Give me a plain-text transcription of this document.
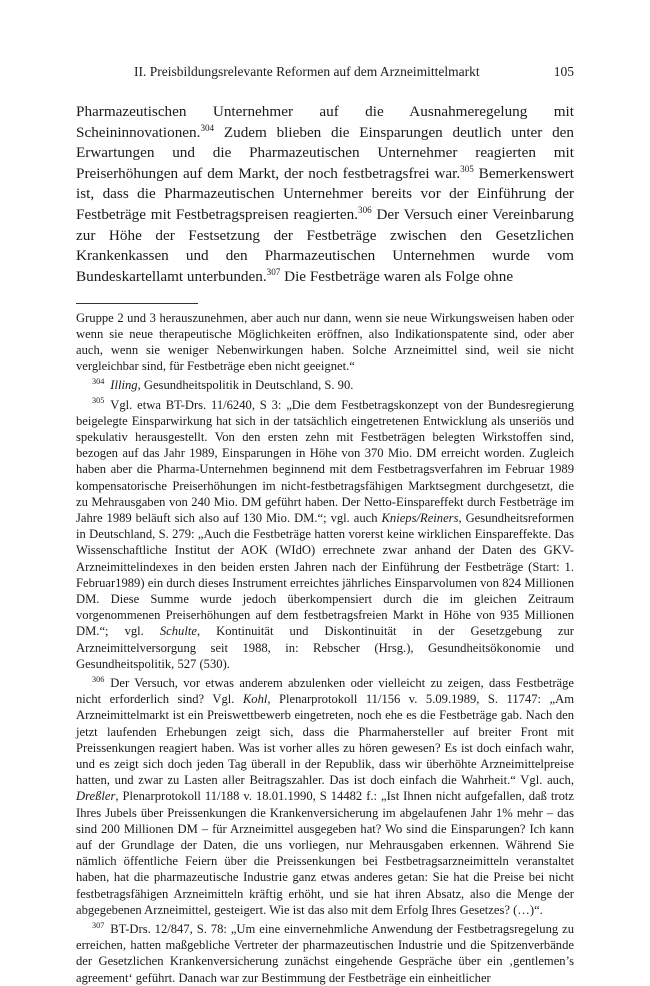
II. Preisbildungsrelevante Reformen auf dem Arzneimittelmarkt	105

Pharmazeutischen Unternehmer auf die Ausnahmeregelung mit Scheininnovationen.$^{304}$ Zudem blieben die Einsparungen deutlich unter den Erwartungen und die Pharmazeutischen Unternehmer reagierten mit Preiserhöhungen auf dem Markt, der noch festbetragsfrei war.$^{305}$ Bemerkenswert ist, dass die Pharmazeutischen Unternehmer bereits vor der Einführung der Festbeträge mit Festbetragspreisen reagierten.$^{306}$ Der Versuch einer Vereinbarung zur Höhe der Festsetzung der Festbeträge zwischen den Gesetzlichen Krankenkassen und den Pharmazeutischen Unternehmen wurde vom Bundeskartellamt unterbunden.$^{307}$ Die Festbeträge waren als Folge ohne

Gruppe 2 und 3 herauszunehmen, aber auch nur dann, wenn sie neue Wirkungsweisen haben oder wenn sie neue therapeutische Möglichkeiten eröffnen, also Indikationspatente sind, oder aber auch, wenn sie weniger Nebenwirkungen haben. Solche Arzneimittel sind, weil sie nicht vergleichbar sind, für Festbeträge eben nicht geeignet.“

$^{304}$ Illing, Gesundheitspolitik in Deutschland, S. 90.

$^{305}$ Vgl. etwa BT-Drs. 11/6240, S 3: „Die dem Festbetragskonzept von der Bundesregierung beigelegte Einsparwirkung hat sich in der tatsächlich eingetretenen Entwicklung als unseriös und spekulativ herausgestellt. Von den ersten zehn mit Festbeträgen belegten Wirkstoffen sind, bezogen auf das Jahr 1989, Einsparungen in Höhe von 370 Mio. DM erreicht worden. Zugleich haben aber die Pharma-Unternehmen beginnend mit dem Festbetragsverfahren im Februar 1989 kompensatorische Preiserhöhungen im nicht-festbetragsfähigen Marktsegment durchgesetzt, die zu Mehrausgaben von 240 Mio. DM geführt haben. Der Netto-Einspareffekt durch Festbeträge im Jahre 1989 beläuft sich also auf 130 Mio. DM.“; vgl. auch Knieps/Reiners, Gesundheitsreformen in Deutschland, S. 279: „Auch die Festbeträge hatten vorerst keine wirklichen Einspareffekte. Das Wissenschaftliche Institut der AOK (WIdO) errechnete zwar anhand der Daten des GKV-Arzneimittelindexes in den beiden ersten Jahren nach der Einführung der Festbeträge (Start: 1. Februar1989) ein durch dieses Instrument erreichtes jährliches Einsparvolumen von 824 Millionen DM. Diese Summe wurde jedoch überkompensiert durch die im gleichen Zeitraum vorgenommenen Preiserhöhungen auf dem festbetragsfreien Markt in Höhe von 935 Millionen DM.“; vgl. Schulte, Kontinuität und Diskontinuität in der Gesetzgebung zur Arzneimittelversorgung seit 1988, in: Rebscher (Hrsg.), Gesundheitsökonomie und Gesundheitspolitik, 527 (530).

$^{306}$ Der Versuch, vor etwas anderem abzulenken oder vielleicht zu zeigen, dass Festbeträge nicht erforderlich sind? Vgl. Kohl, Plenarprotokoll 11/156 v. 5.09.1989, S. 11747: „Am Arzneimittelmarkt ist ein Preiswettbewerb eingetreten, noch ehe es die Festbeträge gab. Nach den jetzt laufenden Erhebungen zeigt sich, dass die Pharmahersteller auf breiter Front mit Preissenkungen reagiert haben. Was ist vorher alles zu hören gewesen? Es ist doch einfach wahr, und es zeigt sich doch jeden Tag überall in der Republik, dass wir überhöhte Arzneimittelpreise hatten, und zwar zu Lasten aller Beitragszahler. Das ist doch einfach die Wahrheit.“ Vgl. auch, Dreßler, Plenarprotokoll 11/188 v. 18.01.1990, S 14482 f.: „Ist Ihnen nicht aufgefallen, daß trotz Ihres Jubels über Preissenkungen die Krankenversicherung im abgelaufenen Jahr 1% mehr – das sind 200 Millionen DM – für Arzneimittel ausgegeben hat? Wo sind die Einsparungen? Ich kann auf der Grundlage der Daten, die uns vorliegen, nur Mehrausgaben erkennen. Während Sie nämlich öffentliche Feiern über die Preissenkungen bei Festbetragsarzneimitteln veranstaltet haben, hat die pharmazeutische Industrie ganz etwas anderes getan: Sie hat die Preise bei nicht festbetragsfähigen Arzneimitteln kräftig erhöht, und sie hat ihren Absatz, also die Menge der abgegebenen Arzneimittel, gesteigert. Wie ist das also mit dem Erfolg Ihres Gesetzes? (…)“.

$^{307}$ BT-Drs. 12/847, S. 78: „Um eine einvernehmliche Anwendung der Festbetragsregelung zu erreichen, hatten maßgebliche Vertreter der pharmazeutischen Industrie und die Spitzenverbände der Gesetzlichen Krankenversicherung zunächst eingehende Gespräche über ein ‚gentlemen’s agreement‘ geführt. Danach war zur Bestimmung der Festbeträge ein einheitlicher
